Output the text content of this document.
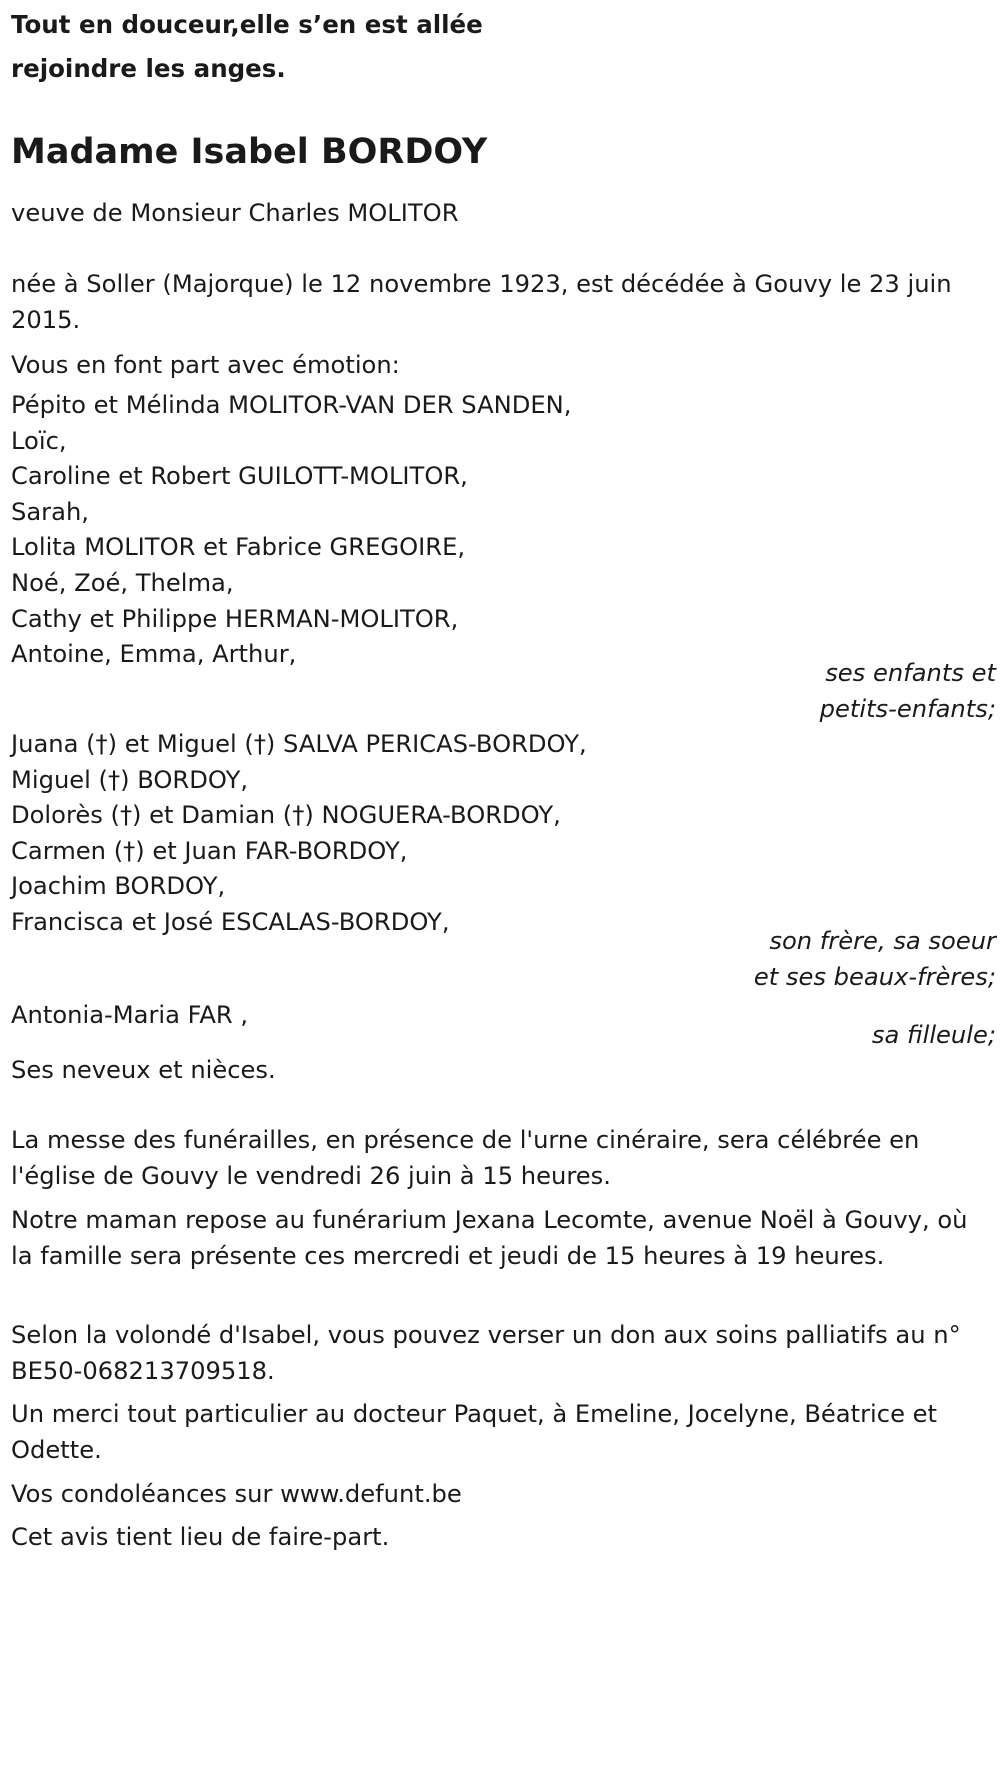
Tout en douceur,elle s’en est allée
rejoindre les anges.

Madame Isabel BORDOY

veuve de Monsieur Charles MOLITOR

née à Soller (Majorque) le 12 novembre 1923, est décédée à Gouvy le 23 juin 2015.

Vous en font part avec émotion:

Pépito et Mélinda MOLITOR-VAN DER SANDEN,
Loïc,
Caroline et Robert GUILOTT-MOLITOR,
Sarah,
Lolita MOLITOR et Fabrice GREGOIRE,
Noé, Zoé, Thelma,
Cathy et Philippe HERMAN-MOLITOR,
Antoine, Emma, Arthur,
ses enfants et
petits-enfants;
Juana (†) et Miguel (†) SALVA PERICAS-BORDOY,
Miguel (†) BORDOY,
Dolorès (†) et Damian (†) NOGUERA-BORDOY,
Carmen (†) et Juan FAR-BORDOY,
Joachim BORDOY,
Francisca et José ESCALAS-BORDOY,
son frère, sa soeur
et ses beaux-frères;

Antonia-Maria FAR ,

sa filleule;

Ses neveux et nièces.

La messe des funérailles, en présence de l'urne cinéraire, sera célébrée en l'église de Gouvy le vendredi 26 juin à 15 heures.

Notre maman repose au funérarium Jexana Lecomte, avenue Noël à Gouvy, où la famille sera présente ces mercredi et jeudi de 15 heures à 19 heures.

Selon la volondé d'Isabel, vous pouvez verser un don aux soins palliatifs au n° BE50-068213709518.

Un merci tout particulier au docteur Paquet, à Emeline, Jocelyne, Béatrice et Odette.

Vos condoléances sur www.defunt.be

Cet avis tient lieu de faire-part.
